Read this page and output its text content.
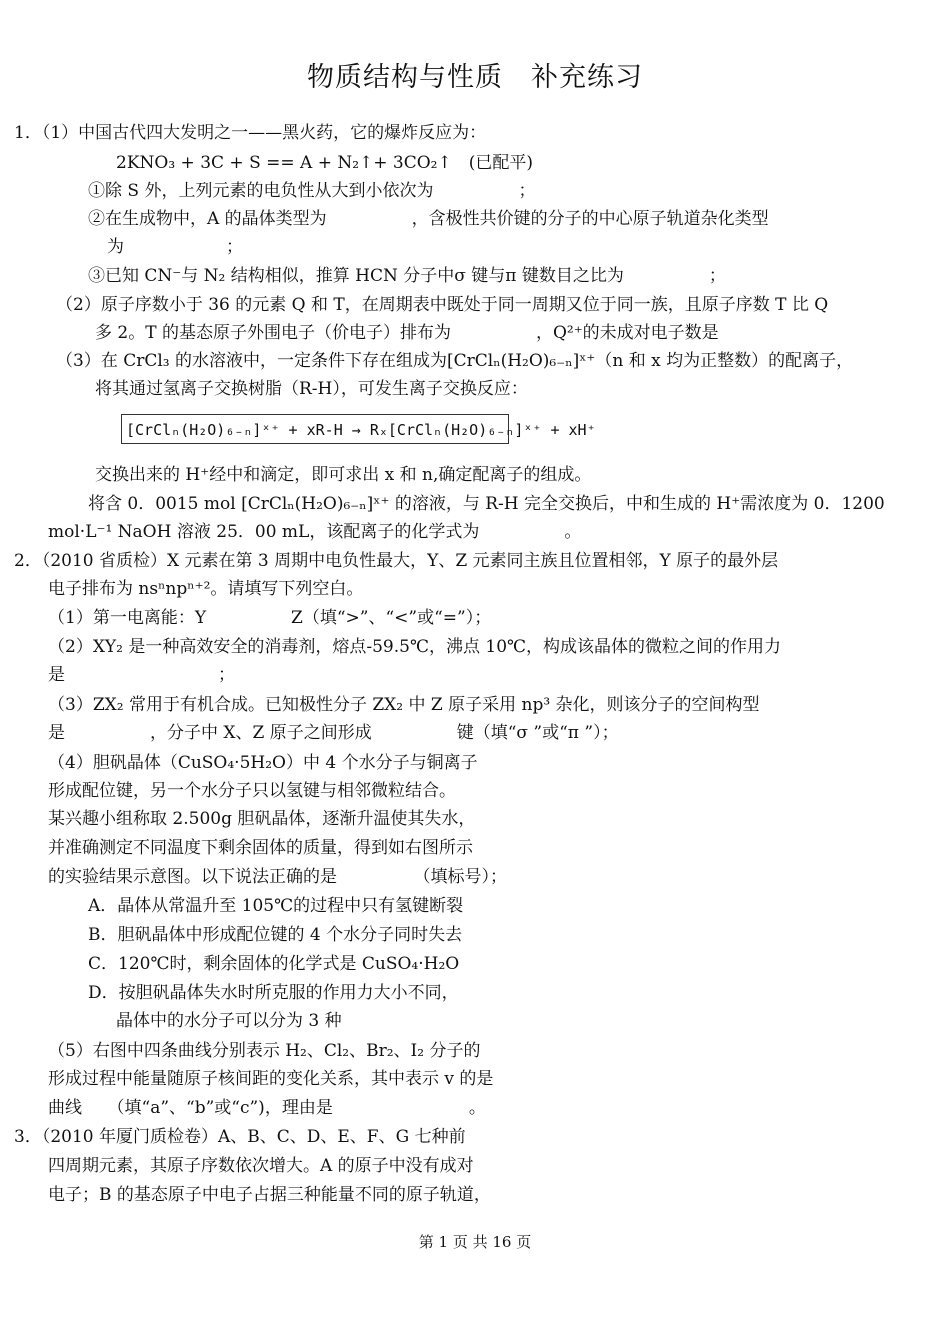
物质结构与性质　补充练习
1．（1）中国古代四大发明之一——黑火药，它的爆炸反应为：
2KNO₃ + 3C + S == A + N₂↑+ 3CO₂↑　(已配平)
①除 S 外，上列元素的电负性从大到小依次为　　　　　；
②在生成物中，A 的晶体类型为　　　　　，含极性共价键的分子的中心原子轨道杂化类型
为　　　　　　；
③已知 CN⁻与 N₂ 结构相似，推算 HCN 分子中σ 键与π 键数目之比为　　　　　；
（2）原子序数小于 36 的元素 Q 和 T，在周期表中既处于同一周期又位于同一族，且原子序数 T 比 Q
多 2。T 的基态原子外围电子（价电子）排布为　　　　　，Q²⁺的未成对电子数是
（3）在 CrCl₃ 的水溶液中，一定条件下存在组成为[CrClₙ(H₂O)₆₋ₙ]ˣ⁺（n 和 x 均为正整数）的配离子，
将其通过氢离子交换树脂（R-H），可发生离子交换反应：
交换出来的 H⁺经中和滴定，即可求出 x 和 n,确定配离子的组成。
将含 0．0015 mol [CrClₙ(H₂O)₆₋ₙ]ˣ⁺ 的溶液，与 R-H 完全交换后，中和生成的 H⁺需浓度为 0．1200
mol·L⁻¹ NaOH 溶液 25．00 mL，该配离子的化学式为　　　　　。
2．（2010 省质检）X 元素在第 3 周期中电负性最大，Y、Z 元素同主族且位置相邻，Y 原子的最外层
电子排布为 nsⁿnpⁿ⁺²。请填写下列空白。
（1）第一电离能：Y　　　　　Z（填“>”、“<”或“=”）；
（2）XY₂ 是一种高效安全的消毒剂，熔点-59.5℃，沸点 10℃，构成该晶体的微粒之间的作用力
是　　　　　　　　　；
（3）ZX₂ 常用于有机合成。已知极性分子 ZX₂ 中 Z 原子采用 np³ 杂化，则该分子的空间构型
是　　　　　，分子中 X、Z 原子之间形成　　　　　键（填“σ ”或“π ”）；
（4）胆矾晶体（CuSO₄·5H₂O）中 4 个水分子与铜离子
形成配位键，另一个水分子只以氢键与相邻微粒结合。
某兴趣小组称取 2.500g 胆矾晶体，逐渐升温使其失水，
并准确测定不同温度下剩余固体的质量，得到如右图所示
的实验结果示意图。以下说法正确的是　　　　　（填标号）；
A．晶体从常温升至 105℃的过程中只有氢键断裂
B．胆矾晶体中形成配位键的 4 个水分子同时失去
C．120℃时，剩余固体的化学式是 CuSO₄·H₂O
D．按胆矾晶体失水时所克服的作用力大小不同，
晶体中的水分子可以分为 3 种
（5）右图中四条曲线分别表示 H₂、Cl₂、Br₂、I₂ 分子的
形成过程中能量随原子核间距的变化关系，其中表示 v 的是
曲线　　（填“a”、“b”或“c”)，理由是　　　　　　　　。
3．（2010 年厦门质检卷）A、B、C、D、E、F、G 七种前
四周期元素，其原子序数依次增大。A 的原子中没有成对
电子；B 的基态原子中电子占据三种能量不同的原子轨道，
[CrClₙ(H₂O)₆₋ₙ]ˣ⁺ + xR-H → Rₓ[CrClₙ(H₂O)₆₋ₙ]ˣ⁺ + xH⁺
第 1 页 共 16 页
